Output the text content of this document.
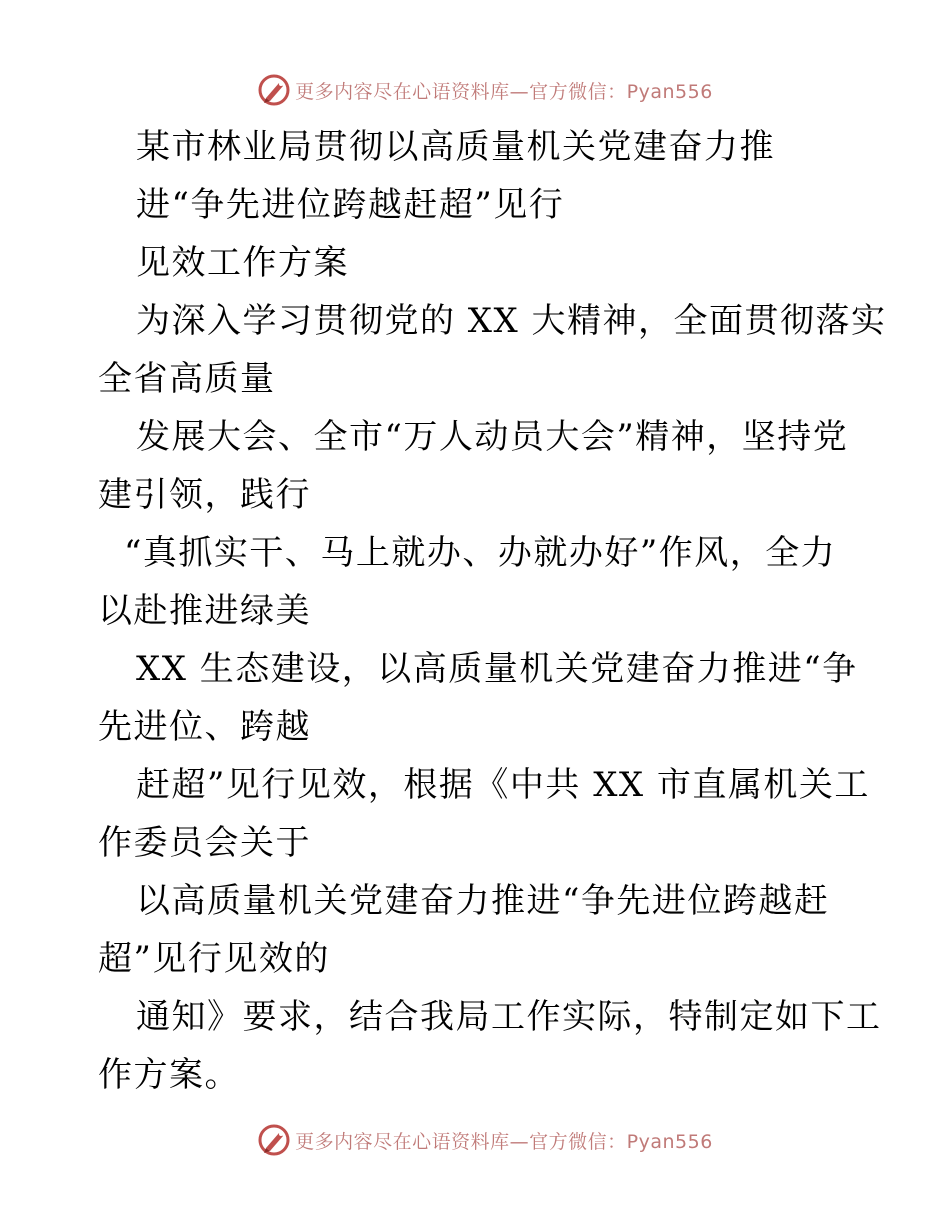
更多内容尽在心语资料库—官方微信：Pyan556
某市林业局贯彻以高质量机关党建奋力推
进“争先进位跨越赶超”见行
见效工作方案
为深入学习贯彻党的 XX 大精神，全面贯彻落实
全省高质量
发展大会、全市“万人动员大会”精神，坚持党
建引领，践行
“真抓实干、马上就办、办就办好”作风，全力
以赴推进绿美
XX 生态建设，以高质量机关党建奋力推进“争
先进位、跨越
赶超”见行见效，根据《中共 XX 市直属机关工
作委员会关于
以高质量机关党建奋力推进“争先进位跨越赶
超”见行见效的
通知》要求，结合我局工作实际，特制定如下工
作方案。
更多内容尽在心语资料库—官方微信：Pyan556
